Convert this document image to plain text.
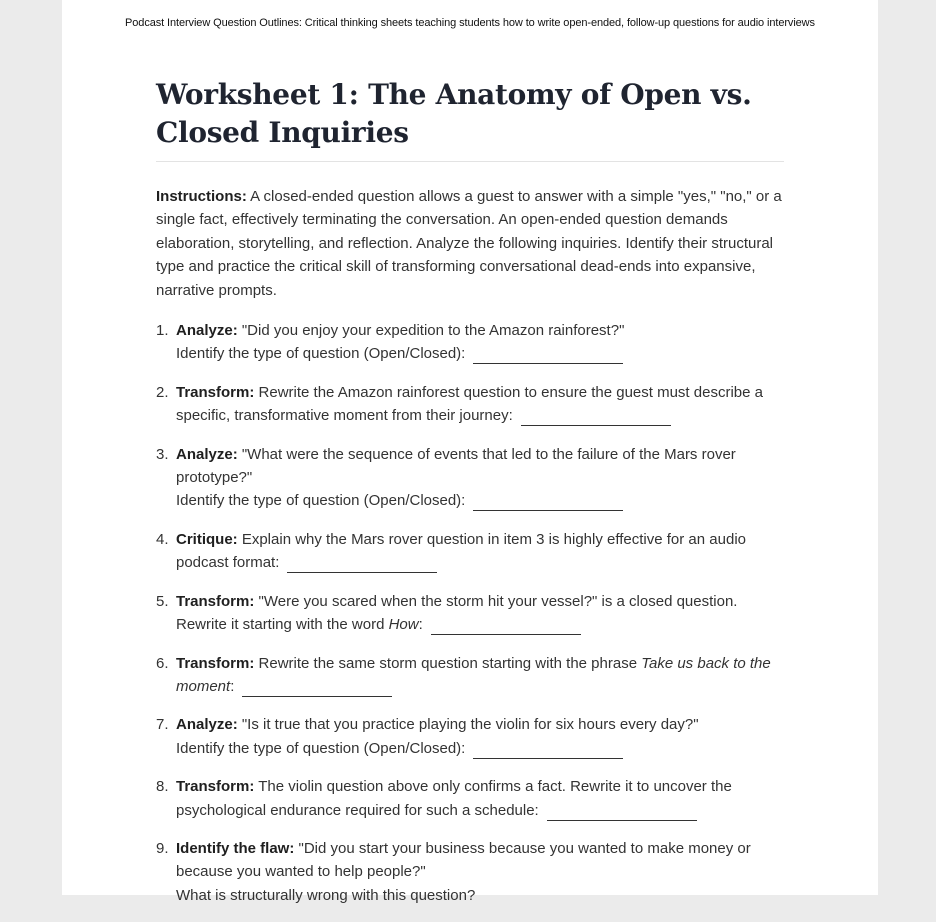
Podcast Interview Question Outlines: Critical thinking sheets teaching students how to write open-ended, follow-up questions for audio interviews
Worksheet 1: The Anatomy of Open vs. Closed Inquiries

Instructions: A closed-ended question allows a guest to answer with a simple "yes," "no," or a single fact, effectively terminating the conversation. An open-ended question demands elaboration, storytelling, and reflection. Analyze the following inquiries. Identify their structural type and practice the critical skill of transforming conversational dead-ends into expansive, narrative prompts.

1. Analyze: "Did you enjoy your expedition to the Amazon rainforest?"
Identify the type of question (Open/Closed):
2. Transform: Rewrite the Amazon rainforest question to ensure the guest must describe a specific, transformative moment from their journey:
3. Analyze: "What were the sequence of events that led to the failure of the Mars rover prototype?"
Identify the type of question (Open/Closed):
4. Critique: Explain why the Mars rover question in item 3 is highly effective for an audio podcast format:
5. Transform: "Were you scared when the storm hit your vessel?" is a closed question. Rewrite it starting with the word How:
6. Transform: Rewrite the same storm question starting with the phrase Take us back to the moment:
7. Analyze: "Is it true that you practice playing the violin for six hours every day?"
Identify the type of question (Open/Closed):
8. Transform: The violin question above only confirms a fact. Rewrite it to uncover the psychological endurance required for such a schedule:
9. Identify the flaw: "Did you start your business because you wanted to make money or because you wanted to help people?"
What is structurally wrong with this question?
